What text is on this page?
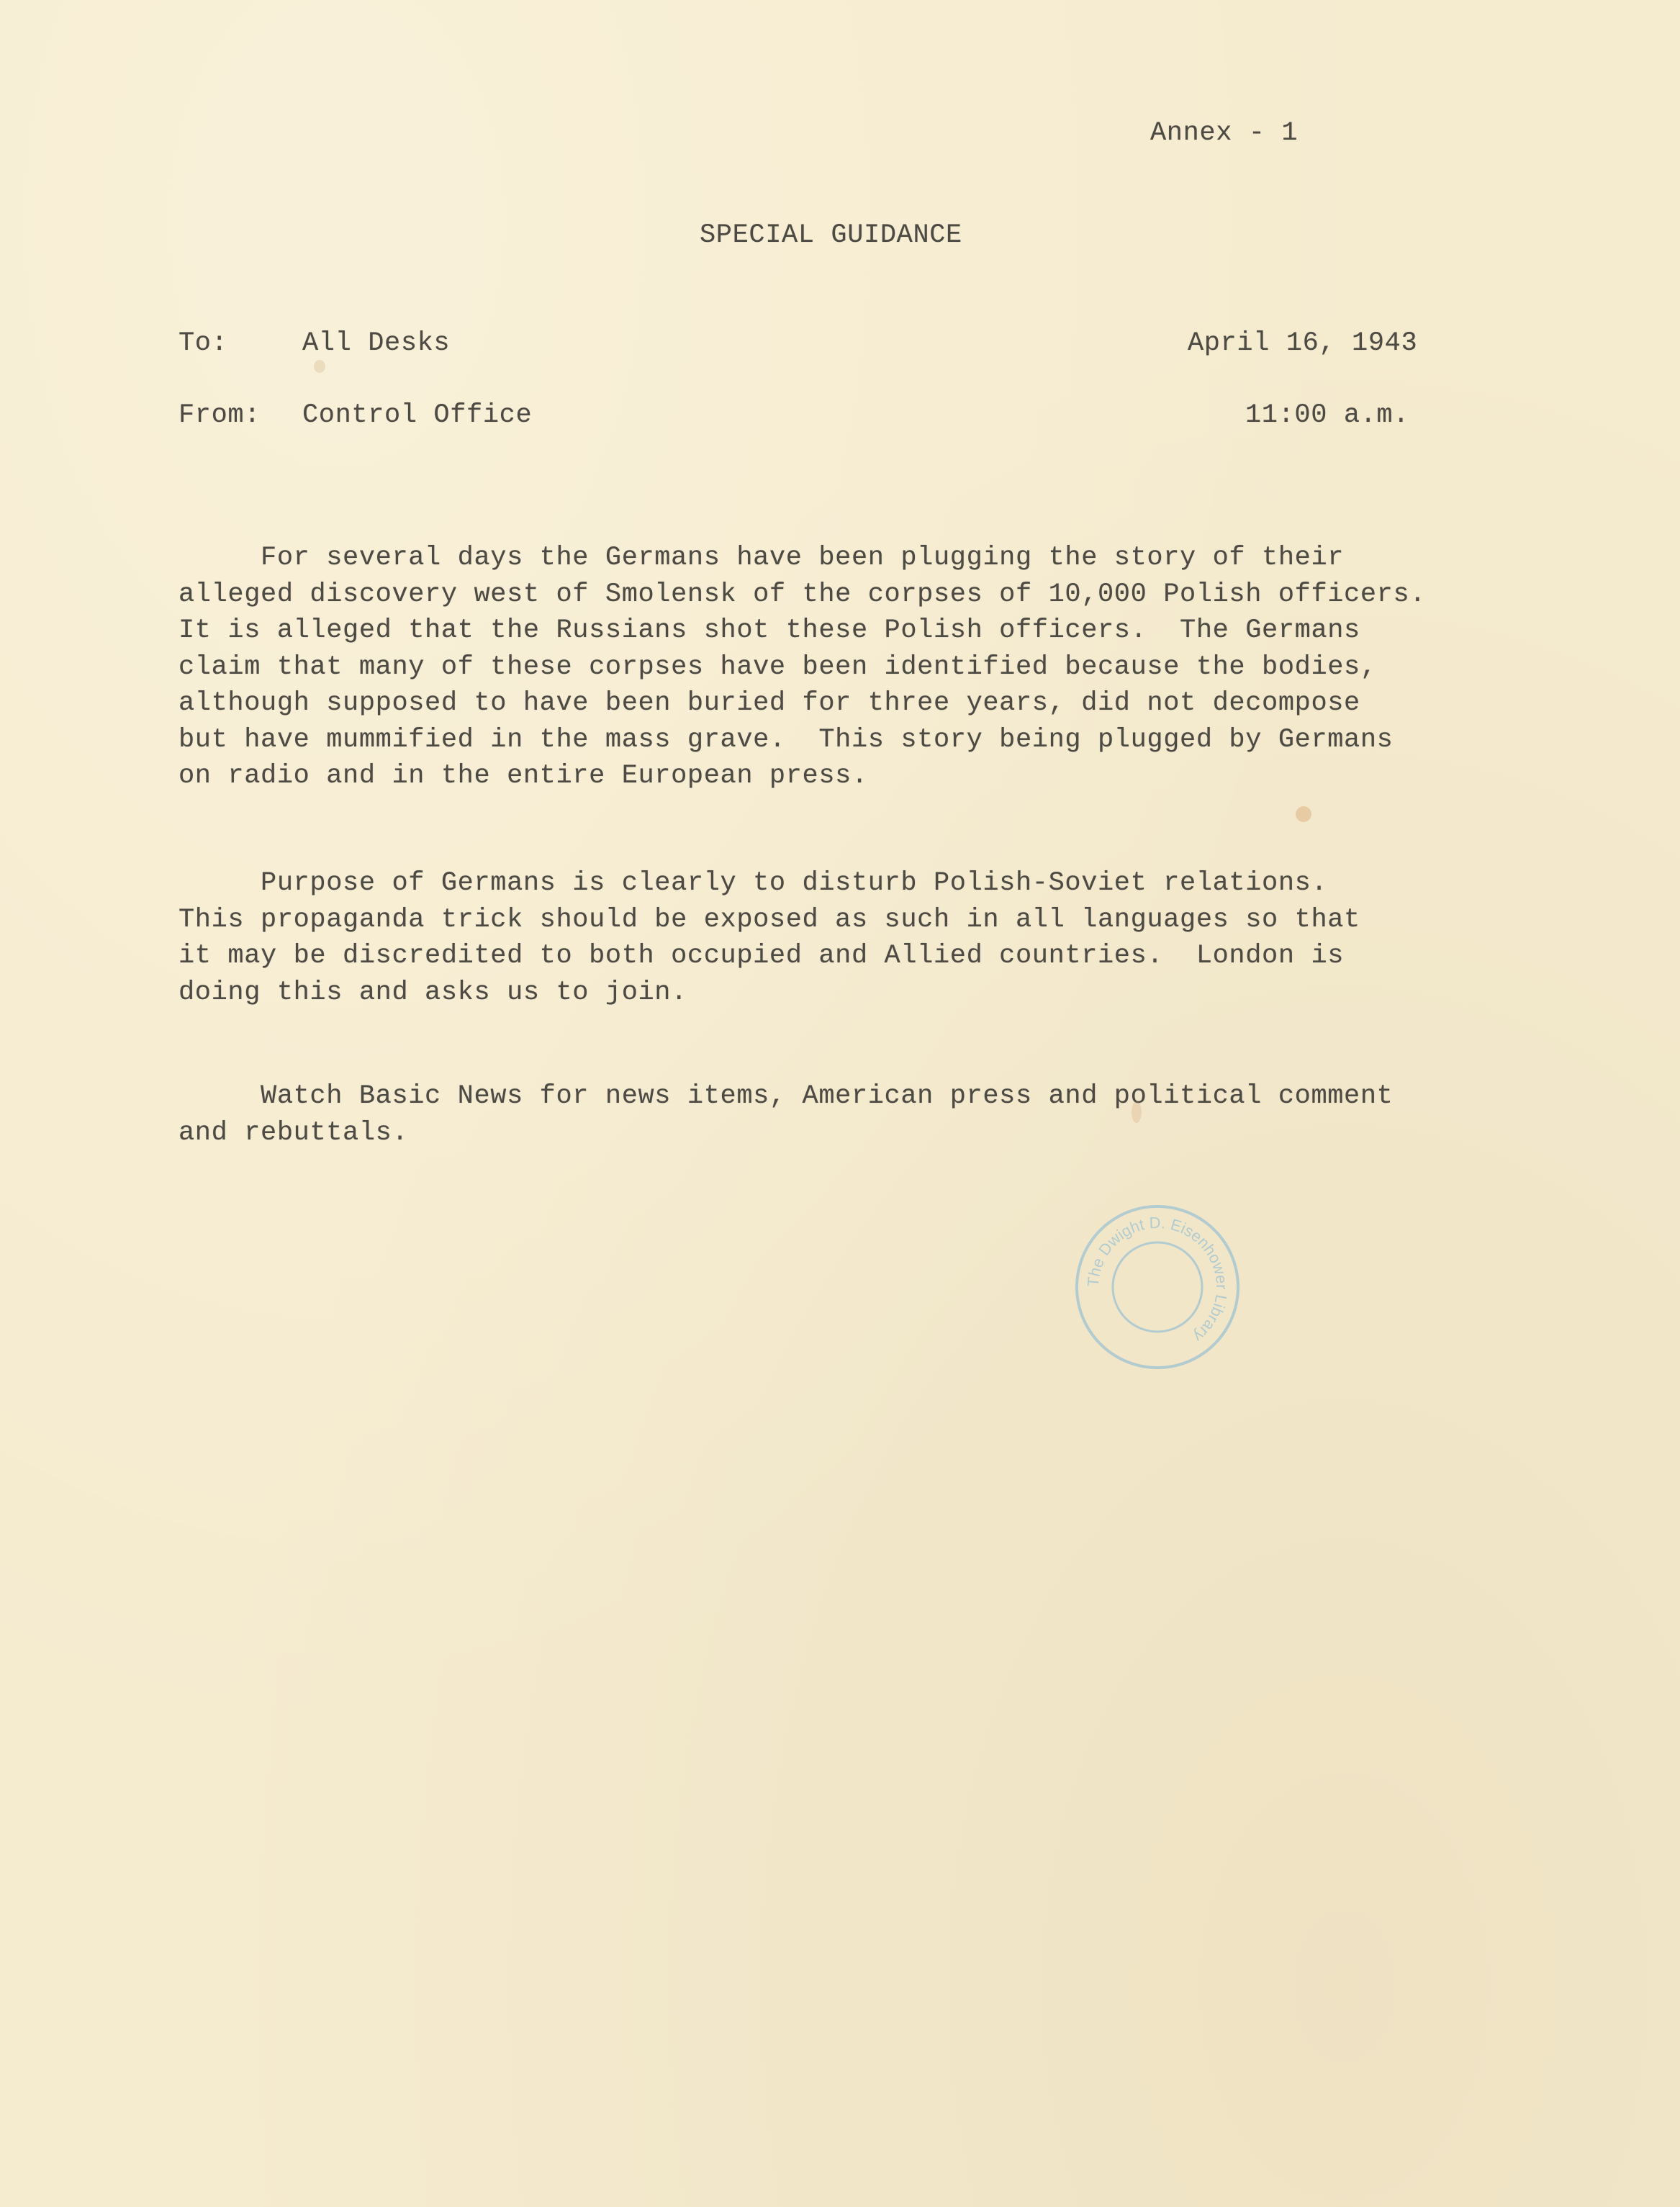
Annex - 1
SPECIAL GUIDANCE
To:	All Desks	April 16, 1943
From: Control Office	11:00 a.m.
For several days the Germans have been plugging the story of their
alleged discovery west of Smolensk of the corpses of 10,000 Polish officers.
It is alleged that the Russians shot these Polish officers.  The Germans
claim that many of these corpses have been identified because the bodies,
although supposed to have been buried for three years, did not decompose
but have mummified in the mass grave.  This story being plugged by Germans
on radio and in the entire European press.
Purpose of Germans is clearly to disturb Polish-Soviet relations.
This propaganda trick should be exposed as such in all languages so that
it may be discredited to both occupied and Allied countries.  London is
doing this and asks us to join.
Watch Basic News for news items, American press and political comment
and rebuttals.
The Dwight D. Eisenhower Library
